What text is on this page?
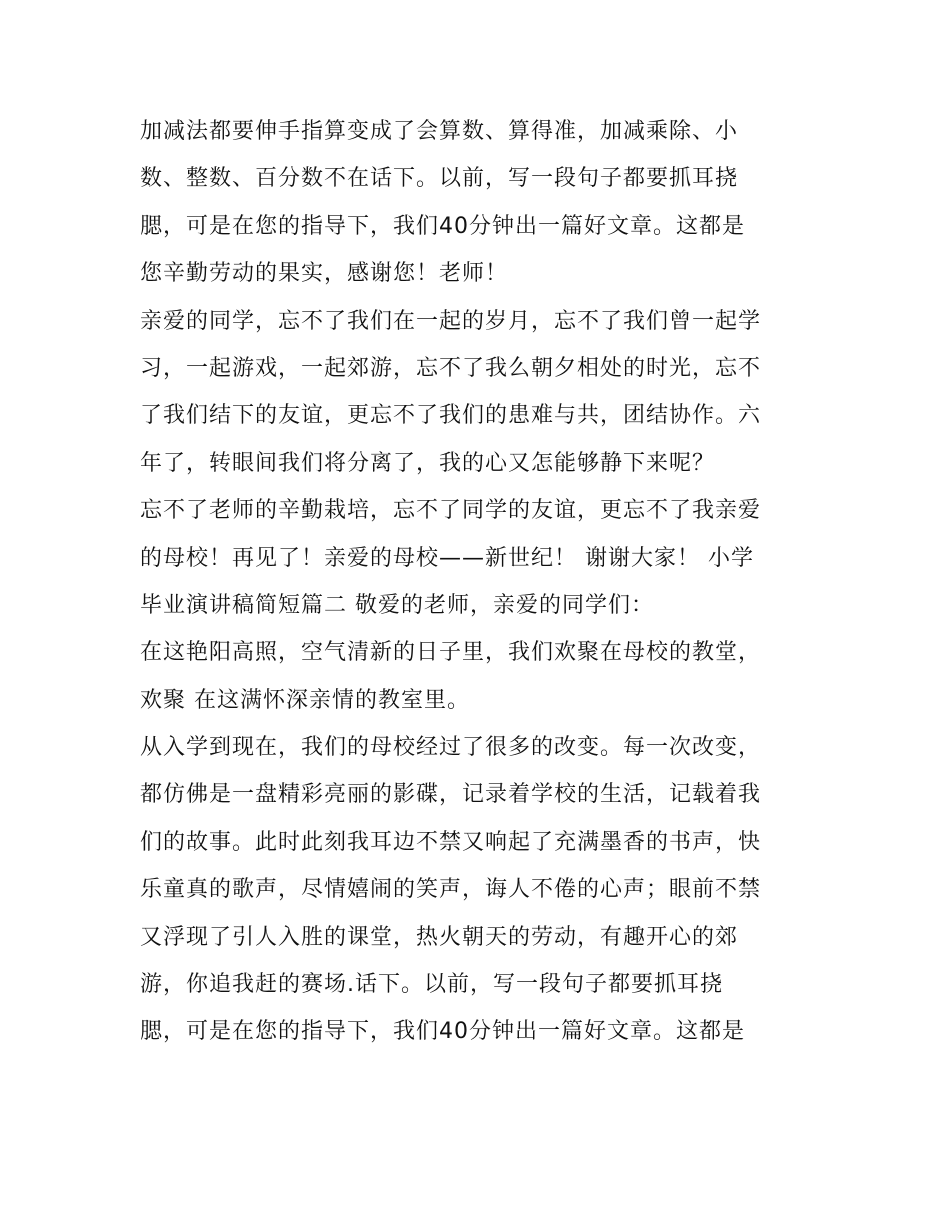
加减法都要伸手指算变成了会算数、算得准，加减乘除、小
数、整数、百分数不在话下。以前，写一段句子都要抓耳挠
腮，可是在您的指导下，我们40分钟出一篇好文章。这都是
您辛勤劳动的果实，感谢您！老师！
亲爱的同学，忘不了我们在一起的岁月，忘不了我们曾一起学
习，一起游戏，一起郊游，忘不了我么朝夕相处的时光，忘不
了我们结下的友谊，更忘不了我们的患难与共，团结协作。六
年了，转眼间我们将分离了，我的心又怎能够静下来呢？
忘不了老师的辛勤栽培，忘不了同学的友谊，更忘不了我亲爱
的母校！再见了！亲爱的母校——新世纪！ 谢谢大家！ 小学
毕业演讲稿简短篇二 敬爱的老师，亲爱的同学们：
在这艳阳高照，空气清新的日子里，我们欢聚在母校的教堂，
欢聚 在这满怀深亲情的教室里。
从入学到现在，我们的母校经过了很多的改变。每一次改变，
都仿佛是一盘精彩亮丽的影碟，记录着学校的生活，记载着我
们的故事。此时此刻我耳边不禁又响起了充满墨香的书声，快
乐童真的歌声，尽情嬉闹的笑声，诲人不倦的心声；眼前不禁
又浮现了引人入胜的课堂，热火朝天的劳动，有趣开心的郊
游，你追我赶的赛场.话下。以前，写一段句子都要抓耳挠
腮，可是在您的指导下，我们40分钟出一篇好文章。这都是
